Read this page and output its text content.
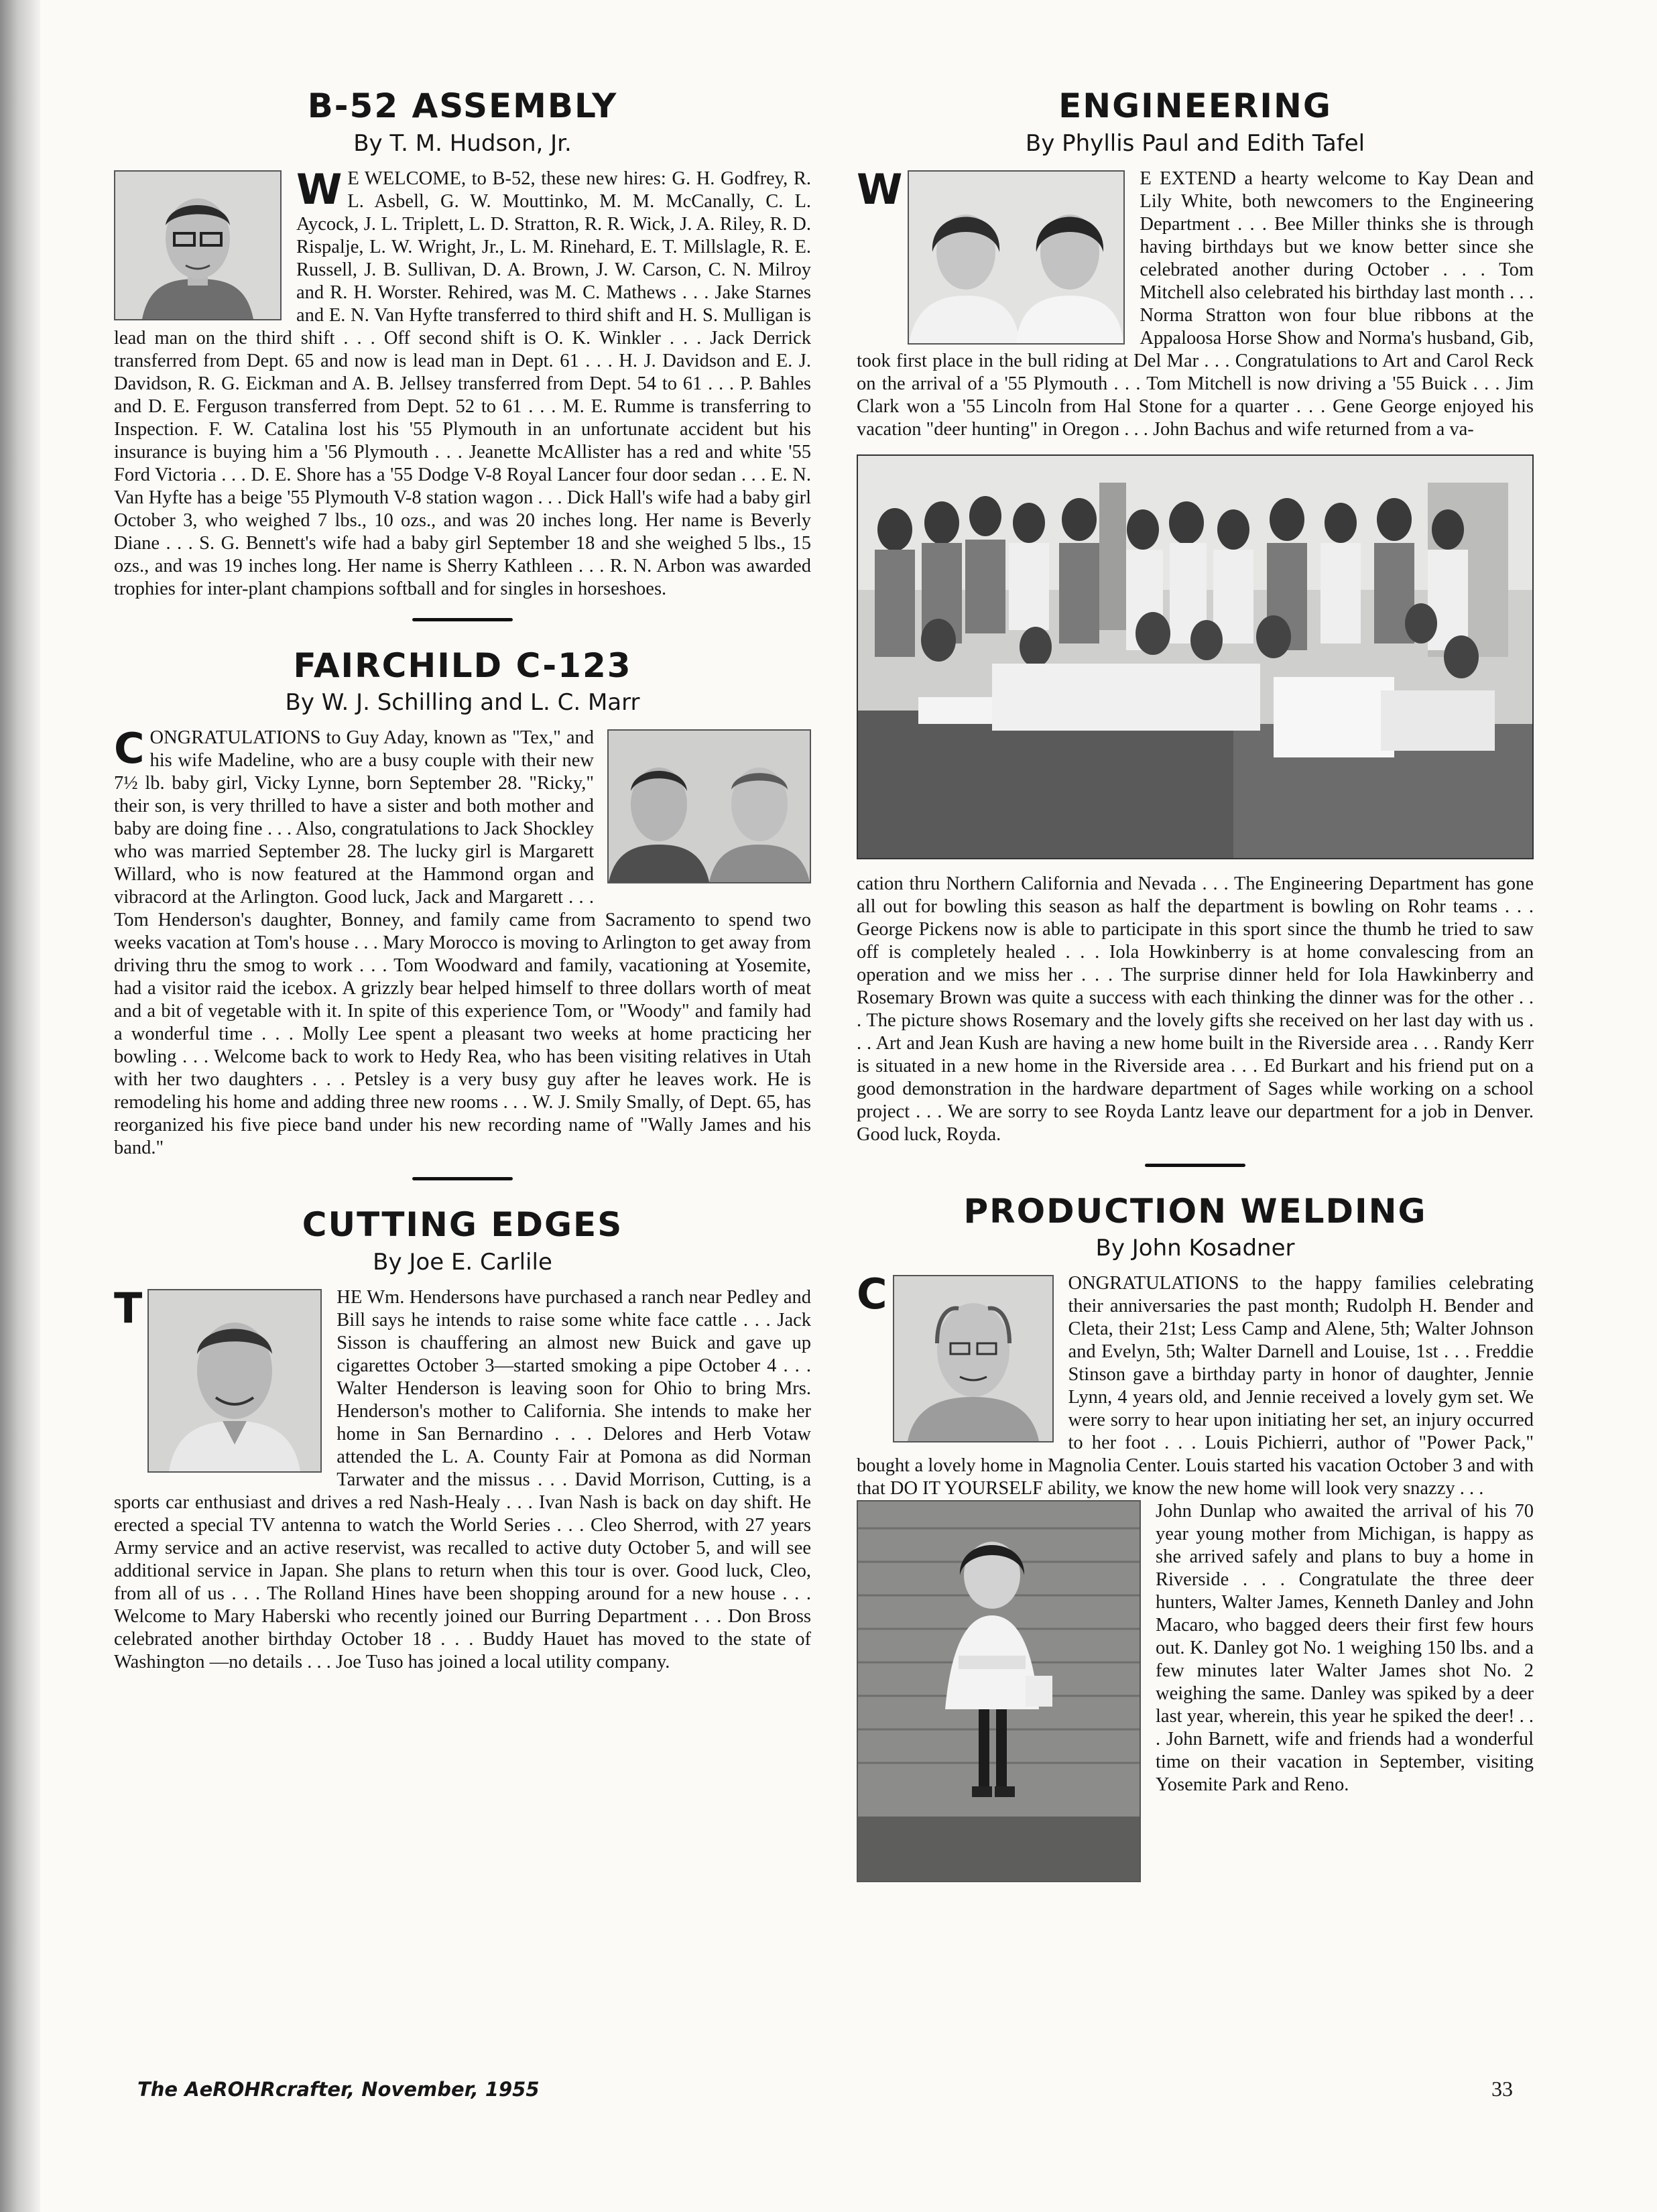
B-52 ASSEMBLY
By T. M. Hudson, Jr.

W E WELCOME, to B-52, these new hires: G. H. Godfrey, R. L. Asbell, G. W. Mouttinko, M. M. McCanally, C. L. Aycock, J. L. Triplett, L. D. Stratton, R. R. Wick, J. A. Riley, R. D. Rispalje, L. W. Wright, Jr., L. M. Rinehard, E. T. Millslagle, R. E. Russell, J. B. Sullivan, D. A. Brown, J. W. Carson, C. N. Milroy and R. H. Worster. Rehired, was M. C. Mathews . . . Jake Starnes and E. N. Van Hyfte transferred to third shift and H. S. Mulligan is lead man on the third shift . . . Off second shift is O. K. Winkler . . . Jack Derrick transferred from Dept. 65 and now is lead man in Dept. 61 . . . H. J. Davidson and E. J. Davidson, R. G. Eickman and A. B. Jellsey transferred from Dept. 54 to 61 . . . P. Bahles and D. E. Ferguson transferred from Dept. 52 to 61 . . . M. E. Rumme is transferring to Inspection. F. W. Catalina lost his '55 Plymouth in an unfortunate accident but his insurance is buying him a '56 Plymouth . . . Jeanette McAllister has a red and white '55 Ford Victoria . . . D. E. Shore has a '55 Dodge V-8 Royal Lancer four door sedan . . . E. N. Van Hyfte has a beige '55 Plymouth V-8 station wagon . . . Dick Hall's wife had a baby girl October 3, who weighed 7 lbs., 10 ozs., and was 20 inches long. Her name is Beverly Diane . . . S. G. Bennett's wife had a baby girl September 18 and she weighed 5 lbs., 15 ozs., and was 19 inches long. Her name is Sherry Kathleen . . . R. N. Arbon was awarded trophies for inter-plant champions softball and for singles in horseshoes.

FAIRCHILD C-123
By W. J. Schilling and L. C. Marr

C ONGRATULATIONS to Guy Aday, known as "Tex," and his wife Madeline, who are a busy couple with their new 7½ lb. baby girl, Vicky Lynne, born September 28. "Ricky," their son, is very thrilled to have a sister and both mother and baby are doing fine . . . Also, congratulations to Jack Shockley who was married September 28. The lucky girl is Margarett Willard, who is now featured at the Hammond organ and vibracord at the Arlington. Good luck, Jack and Margarett . . . Tom Henderson's daughter, Bonney, and family came from Sacramento to spend two weeks vacation at Tom's house . . . Mary Morocco is moving to Arlington to get away from driving thru the smog to work . . . Tom Woodward and family, vacationing at Yosemite, had a visitor raid the icebox. A grizzly bear helped himself to three dollars worth of meat and a bit of vegetable with it. In spite of this experience Tom, or "Woody" and family had a wonderful time . . . Molly Lee spent a pleasant two weeks at home practicing her bowling . . . Welcome back to work to Hedy Rea, who has been visiting relatives in Utah with her two daughters . . . Petsley is a very busy guy after he leaves work. He is remodeling his home and adding three new rooms . . . W. J. Smily Smally, of Dept. 65, has reorganized his five piece band under his new recording name of "Wally James and his band."

CUTTING EDGES
By Joe E. Carlile

T	HE Wm. Hendersons have purchased a ranch near Pedley and Bill says he intends to raise some white face cattle . . . Jack Sisson is chauffering an almost new Buick and gave up cigarettes October 3—started smoking a pipe October 4 . . . Walter Henderson is leaving soon for Ohio to bring Mrs. Henderson's mother to California. She intends to make her home in San Bernardino . . . Delores and Herb Votaw attended the L. A. County Fair at Pomona as did Norman Tarwater and the missus . . . David Morrison, Cutting, is a sports car enthusiast and drives a red Nash-Healy . . . Ivan Nash is back on day shift. He erected a special TV antenna to watch the World Series . . . Cleo Sherrod, with 27 years Army service and an active reservist, was recalled to active duty October 5, and will see additional service in Japan. She plans to return when this tour is over. Good luck, Cleo, from all of us . . . The Rolland Hines have been shopping around for a new house . . . Welcome to Mary Haberski who recently joined our Burring Department . . . Don Bross celebrated another birthday October 18 . . . Buddy Hauet has moved to the state of Washington —no details . . . Joe Tuso has joined a local utility company.

ENGINEERING
By Phyllis Paul and Edith Tafel

W	E EXTEND a hearty welcome to Kay Dean and Lily White, both newcomers to the Engineering Department . . . Bee Miller thinks she is through having birthdays but we know better since she celebrated another during October . . . Tom Mitchell also celebrated his birthday last month . . . Norma Stratton won four blue ribbons at the Appaloosa Horse Show and Norma's husband, Gib, took first place in the bull riding at Del Mar . . . Congratulations to Art and Carol Reck on the arrival of a '55 Plymouth . . . Tom Mitchell is now driving a '55 Buick . . . Jim Clark won a '55 Lincoln from Hal Stone for a quarter . . . Gene George enjoyed his vacation "deer hunting" in Oregon . . . John Bachus and wife returned from a va-

cation thru Northern California and Nevada . . . The Engineering Department has gone all out for bowling this season as half the department is bowling on Rohr teams . . . George Pickens now is able to participate in this sport since the thumb he tried to saw off is completely healed . . . Iola Howkinberry is at home convalescing from an operation and we miss her . . . The surprise dinner held for Iola Hawkinberry and Rosemary Brown was quite a success with each thinking the dinner was for the other . . . The picture shows Rosemary and the lovely gifts she received on her last day with us . . . Art and Jean Kush are having a new home built in the Riverside area . . . Randy Kerr is situated in a new home in the Riverside area . . . Ed Burkart and his friend put on a good demonstration in the hardware department of Sages while working on a school project . . . We are sorry to see Royda Lantz leave our department for a job in Denver. Good luck, Royda.

PRODUCTION WELDING
By John Kosadner

C	ONGRATULATIONS to the happy families celebrating their anniversaries the past month; Rudolph H. Bender and Cleta, their 21st; Less Camp and Alene, 5th; Walter Johnson and Evelyn, 5th; Walter Darnell and Louise, 1st . . . Freddie Stinson gave a birthday party in honor of daughter, Jennie Lynn, 4 years old, and Jennie received a lovely gym set. We were sorry to hear upon initiating her set, an injury occurred to her foot . . . Louis Pichierri, author of "Power Pack," bought a lovely home in Magnolia Center. Louis started his vacation October 3 and with that DO IT YOURSELF ability, we know the new home will look very snazzy . . .

John Dunlap who awaited the arrival of his 70 year young mother from Michigan, is happy as she arrived safely and plans to buy a home in Riverside . . . Congratulate the three deer hunters, Walter James, Kenneth Danley and John Macaro, who bagged deers their first few hours out. K. Danley got No. 1 weighing 150 lbs. and a few minutes later Walter James shot No. 2 weighing the same. Danley was spiked by a deer last year, wherein, this year he spiked the deer! . . . John Barnett, wife and friends had a wonderful time on their vacation in September, visiting Yosemite Park and Reno.

The AeROHRcrafter, November, 1955	33
